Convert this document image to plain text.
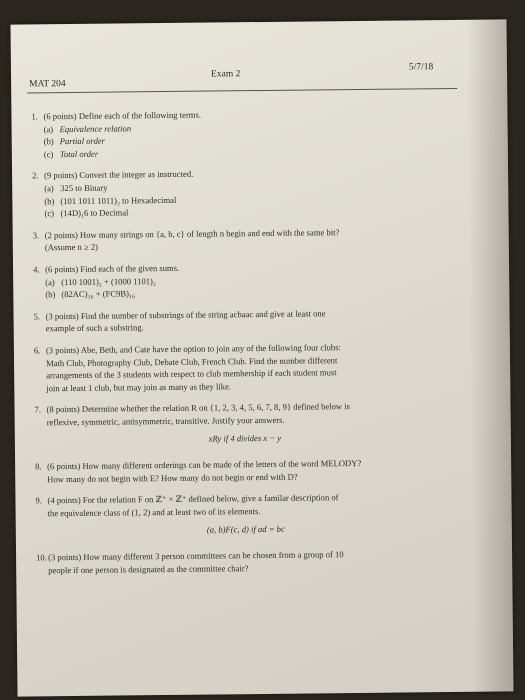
MAT 204
Exam 2
5/7/18
1. (6 points) Define each of the following terms.
(a) Equivalence relation
(b) Partial order
(c) Total order
2. (9 points) Convert the integer as instructed.
(a) 325 to Binary
(b) (101 1011 1011)₂ to Hexadecimal
(c) (14D)₁6 to Decimal
3. (2 points) How many strings on {a, b, c} of length n begin and end with the same bit?
(Assume n ≥ 2)
4. (6 points) Find each of the given sums.
(a) (110 1001)₂ + (1000 1101)₂
(b) (82AC)₁₆ + (FC9B)₁₆
5. (3 points) Find the number of substrings of the string acbaac and give at least one
example of such a substring.
6. (3 points) Abe, Beth, and Cate have the option to join any of the following four clubs:
Math Club, Photography Club, Debate Club, French Club. Find the number different
arrangements of the 3 students with respect to club membership if each student must
join at least 1 club, but may join as many as they like.
7. (8 points) Determine whether the relation R on {1, 2, 3, 4, 5, 6, 7, 8, 9} defined below is
reflexive, symmetric, antisymmetric, transitive. Justify your answers.
xRy if 4 divides x − y
8. (6 points) How many different orderings can be made of the letters of the word MELODY?
How many do not begin with E? How many do not begin or end with D?
9. (4 points) For the relation F on ℤ⁺ × ℤ⁺ defined below, give a familar description of
the equivalence class of (1, 2) and at least two of its elements.
(a, b)F(c, d) if ad = bc
10.(3 points) How many different 3 person committees can be chosen from a group of 10
people if one person is designated as the committee chair?
